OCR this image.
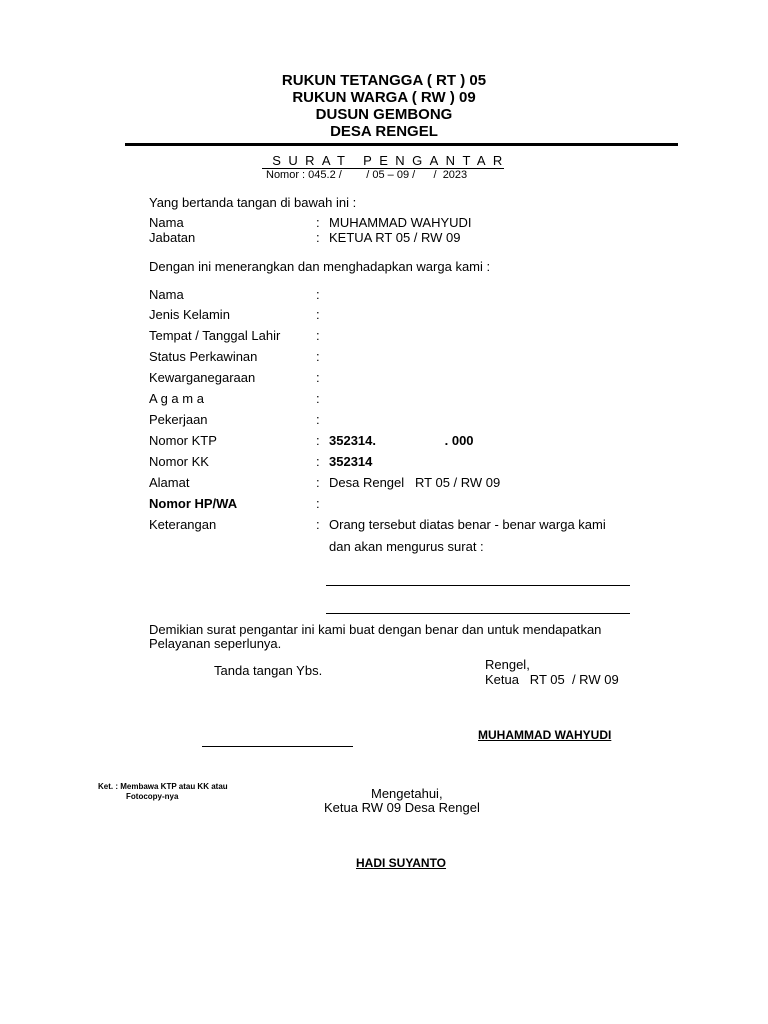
RUKUN TETANGGA ( RT ) 05
RUKUN WARGA ( RW ) 09
DUSUN GEMBONG
DESA RENGEL
SURAT PENGANTAR
Nomor : 045.2 /        / 05 – 09 /      /  2023
Yang bertanda tangan di bawah ini :
Nama	: MUHAMMAD WAHYUDI
Jabatan	: KETUA RT 05 / RW 09
Dengan ini menerangkan dan menghadapkan warga kami :
Nama	:
Jenis Kelamin	:
Tempat / Tanggal Lahir	:
Status Perkawinan	:
Kewarganegaraan	:
A g a m a	:
Pekerjaan	:
Nomor KTP	: 352314.                   . 000
Nomor KK	: 352314
Alamat	: Desa Rengel   RT 05 / RW 09
Nomor HP/WA	:
Keterangan	: Orang tersebut diatas benar - benar warga kami
dan akan mengurus surat :
Demikian surat pengantar ini kami buat dengan benar dan untuk mendapatkan
Pelayanan seperlunya.
Tanda tangan Ybs.	Rengel,
Ketua   RT 05  / RW 09
MUHAMMAD WAHYUDI
Ket. : Membawa KTP atau KK atau
Fotocopy-nya	Mengetahui,
Ketua RW 09 Desa Rengel
HADI SUYANTO
